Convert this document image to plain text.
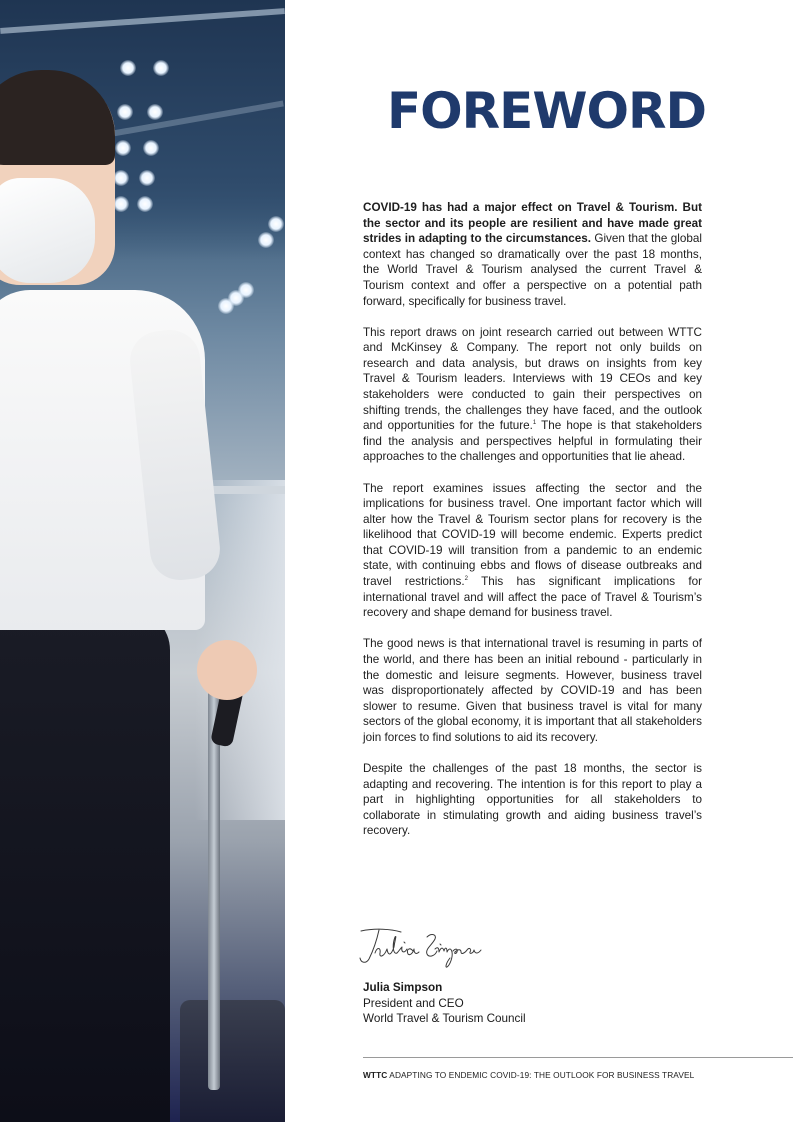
FOREWORD

COVID-19 has had a major effect on Travel & Tourism. But the sector and its people are resilient and have made great strides in adapting to the circumstances. Given that the global context has changed so dramatically over the past 18 months, the World Travel & Tourism analysed the current Travel & Tourism context and offer a perspective on a potential path forward, specifically for business travel.

This report draws on joint research carried out between WTTC and McKinsey & Company. The report not only builds on research and data analysis, but draws on insights from key Travel & Tourism leaders. Interviews with 19 CEOs and key stakeholders were conducted to gain their perspectives on shifting trends, the challenges they have faced, and the outlook and opportunities for the future.$^1$ The hope is that stakeholders find the analysis and perspectives helpful in formulating their approaches to the challenges and opportunities that lie ahead.

The report examines issues affecting the sector and the implications for business travel. One important factor which will alter how the Travel & Tourism sector plans for recovery is the likelihood that COVID-19 will become endemic. Experts predict that COVID-19 will transition from a pandemic to an endemic state, with continuing ebbs and flows of disease outbreaks and travel restrictions.$^2$ This has significant implications for international travel and will affect the pace of Travel & Tourism’s recovery and shape demand for business travel.

The good news is that international travel is resuming in parts of the world, and there has been an initial rebound - particularly in the domestic and leisure segments. However, business travel was disproportionately affected by COVID-19 and has been slower to resume. Given that business travel is vital for many sectors of the global economy, it is important that all stakeholders join forces to find solutions to aid its recovery.

Despite the challenges of the past 18 months, the sector is adapting and recovering. The intention is for this report to play a part in highlighting opportunities for all stakeholders to collaborate in stimulating growth and aiding business travel’s recovery.

Julia Simpson
President and CEO
World Travel & Tourism Council
WTTC ADAPTING TO ENDEMIC COVID-19: THE OUTLOOK FOR BUSINESS TRAVEL
